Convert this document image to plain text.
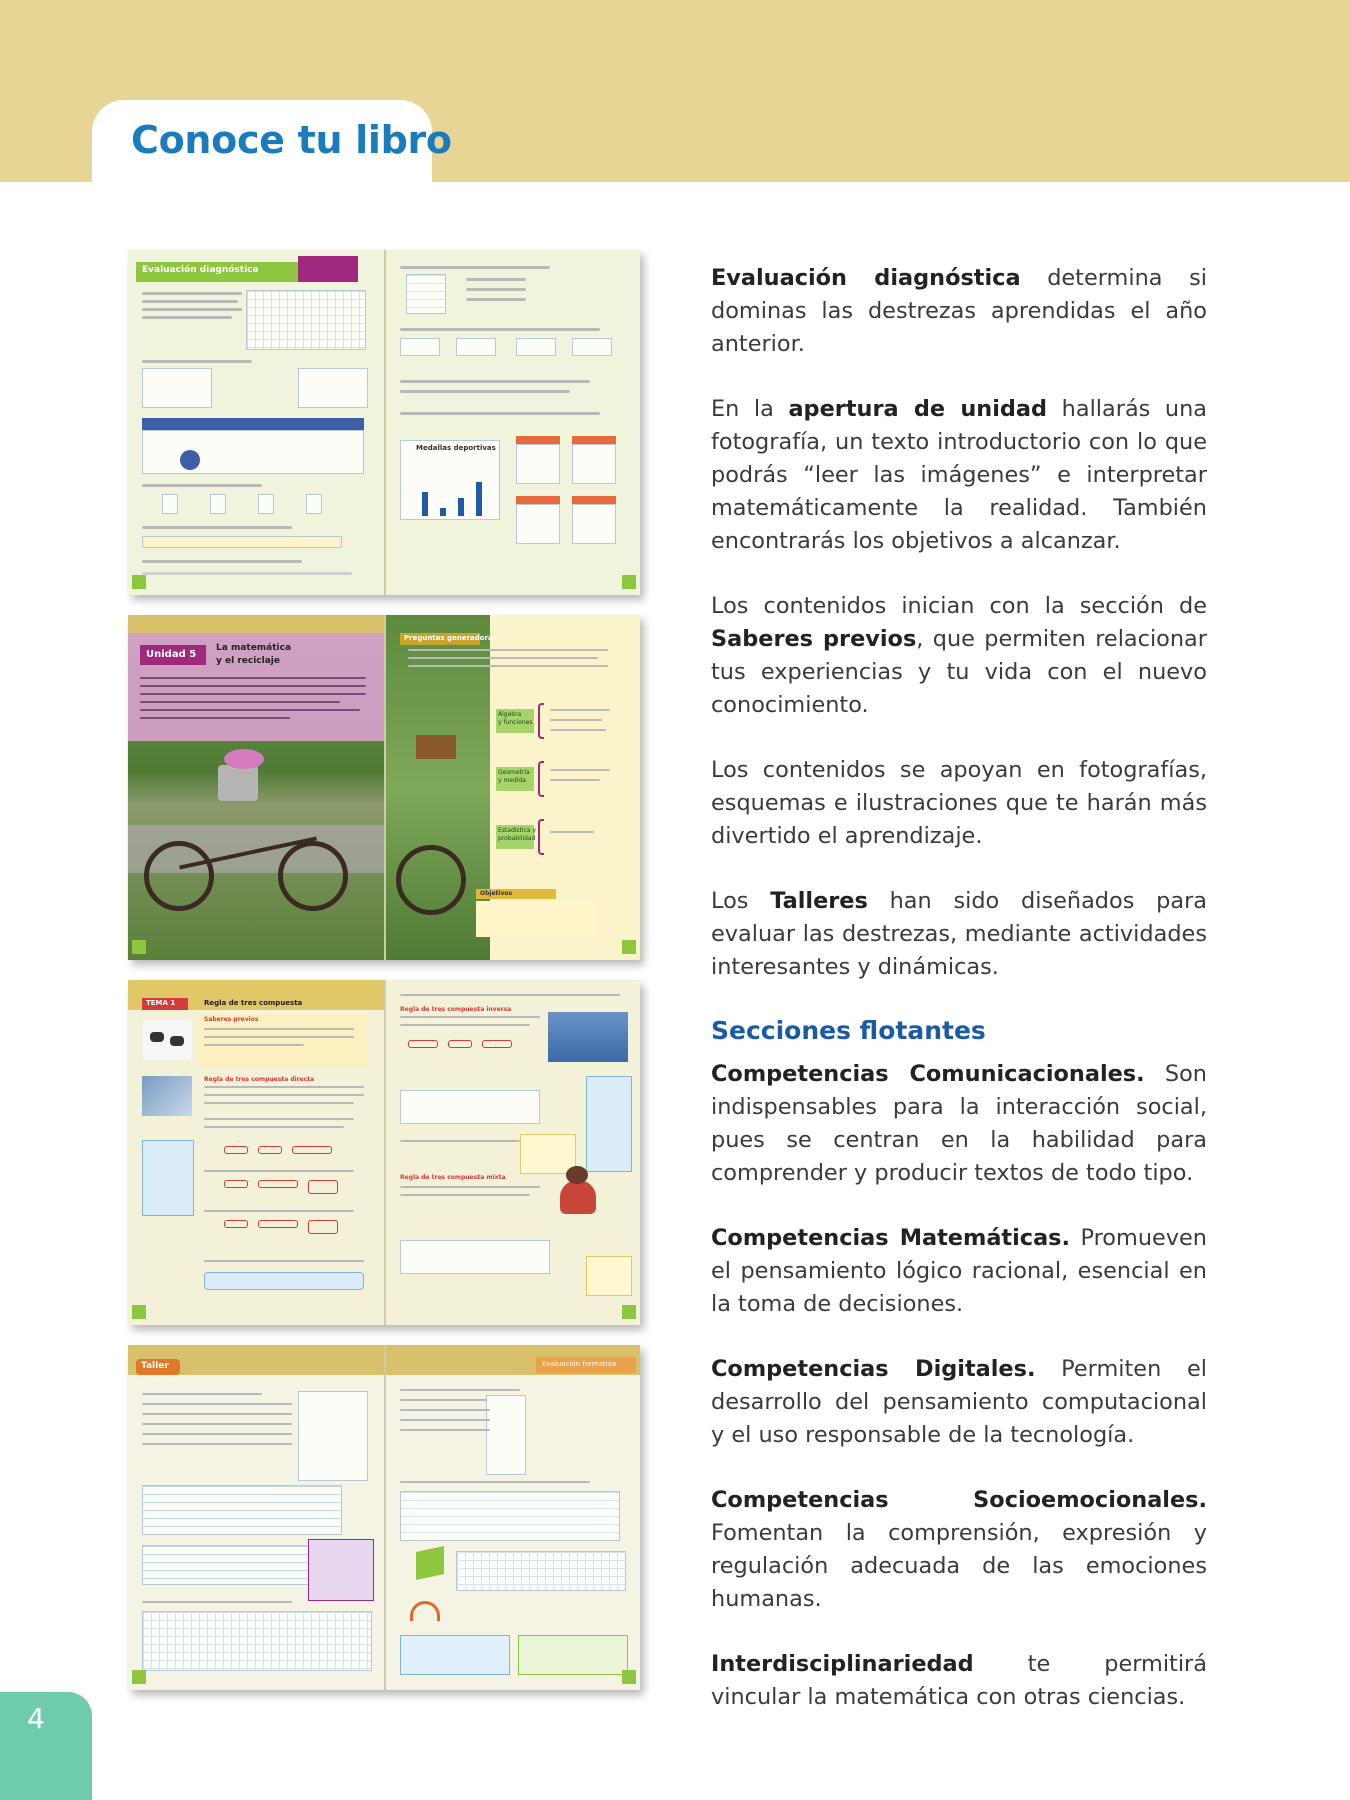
Conoce tu libro
Evaluación diagnóstica
Medallas deportivas
Unidad 5
La matemática
y el reciclaje
Preguntas generadoras
Álgebra
y funciones
Geometría
y medida
Estadística y
probabilidad
Objetivos
TEMA 1	Regla de tres compuesta
Saberes previos
Regla de tres compuesta directa
Regla de tres compuesta inversa
Regla de tres compuesta mixta
Taller	Evaluación formativa

Evaluación diagnóstica determina si dominas las destrezas aprendidas el año anterior.

En la apertura de unidad hallarás una fotografía, un texto introductorio con lo que podrás “leer las imágenes” e interpretar matemáticamente la realidad. También encontrarás los objetivos a alcanzar.

Los contenidos inician con la sección de Saberes previos, que permiten relacionar tus experiencias y tu vida con el nuevo conocimiento.

Los contenidos se apoyan en fotografías, esquemas e ilustraciones que te harán más divertido el aprendizaje.

Los Talleres han sido diseñados para evaluar las destrezas, mediante actividades interesantes y dinámicas.

Secciones flotantes

Competencias Comunicacionales. Son indispensables para la interacción social, pues se centran en la habilidad para comprender y producir textos de todo tipo.

Competencias Matemáticas. Promueven el pensamiento lógico racional, esencial en la toma de decisiones.

Competencias Digitales. Permiten el desarrollo del pensamiento computacional y el uso responsable de la tecnología.

Competencias Socioemocionales. Fomentan la comprensión, expresión y regulación adecuada de las emociones humanas.

Interdisciplinariedad te permitirá vincular la matemática con otras ciencias.

4
